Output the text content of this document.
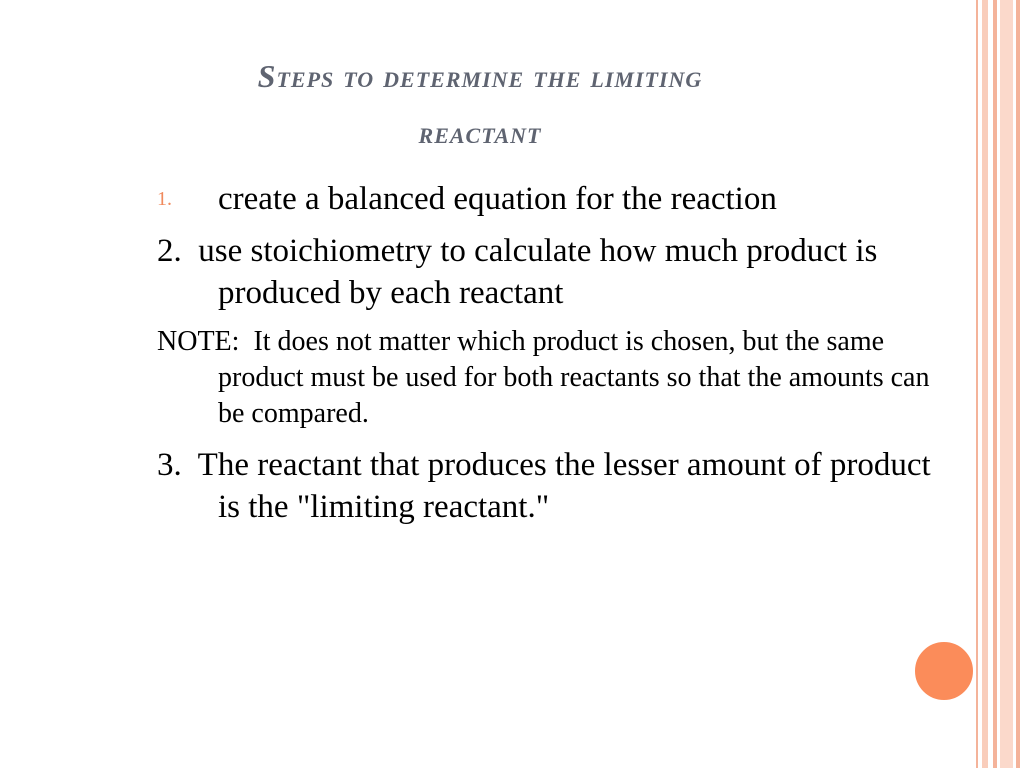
Steps to determine the limiting
reactant
1. create a balanced equation for the reaction
2. use stoichiometry to calculate how much product is produced by each reactant
NOTE: It does not matter which product is chosen, but the same product must be used for both reactants so that the amounts can be compared.
3. The reactant that produces the lesser amount of product is the "limiting reactant."
